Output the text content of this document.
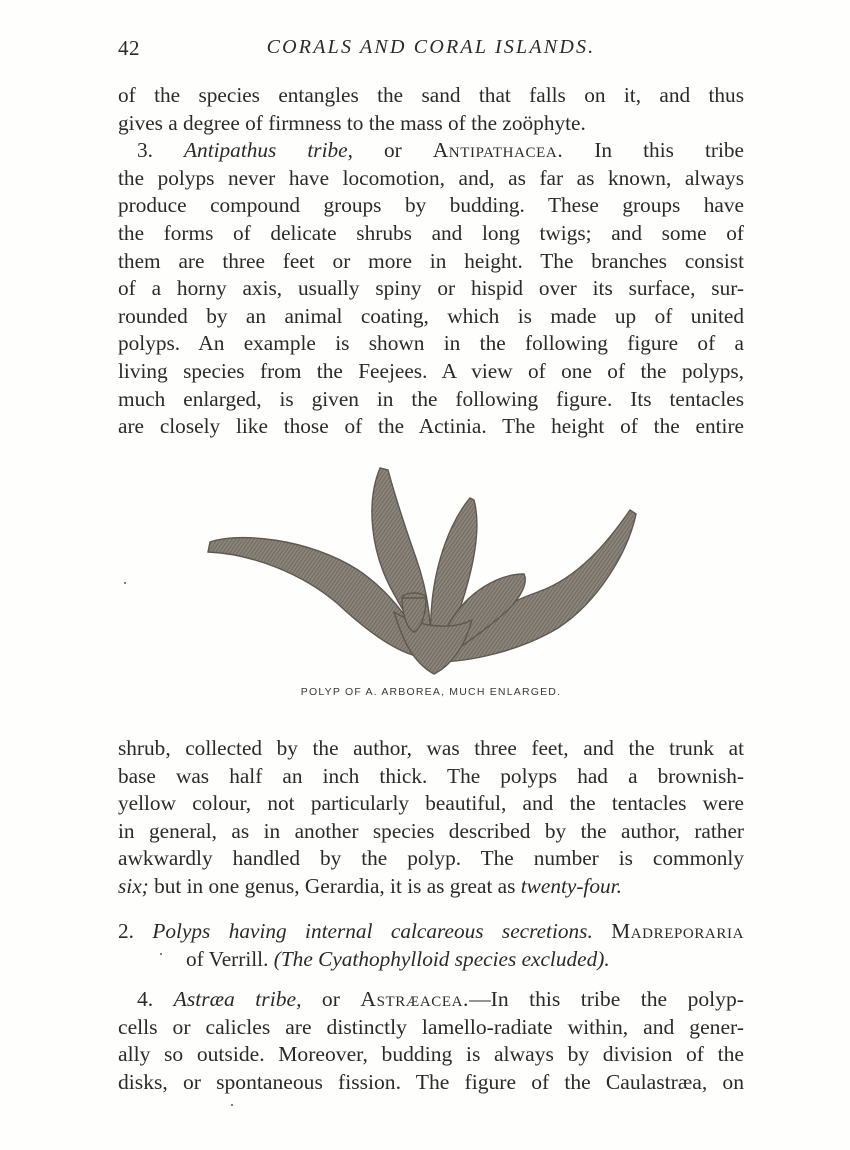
42	CORALS AND CORAL ISLANDS.
of the species entangles the sand that falls on it, and thus
gives a degree of firmness to the mass of the zoöphyte.
3. Antipathus tribe, or Antipathacea. In this tribe
the polyps never have locomotion, and, as far as known, always
produce compound groups by budding. These groups have
the forms of delicate shrubs and long twigs; and some of
them are three feet or more in height. The branches consist
of a horny axis, usually spiny or hispid over its surface, sur-
rounded by an animal coating, which is made up of united
polyps. An example is shown in the following figure of a
living species from the Feejees. A view of one of the polyps,
much enlarged, is given in the following figure. Its tentacles
are closely like those of the Actinia. The height of the entire
POLYP OF A. ARBOREA, MUCH ENLARGED.
shrub, collected by the author, was three feet, and the trunk at
base was half an inch thick. The polyps had a brownish-
yellow colour, not particularly beautiful, and the tentacles were
in general, as in another species described by the author, rather
awkwardly handled by the polyp. The number is commonly
six; but in one genus, Gerardia, it is as great as twenty-four.
2. Polyps having internal calcareous secretions. Madreporaria
of Verrill. (The Cyathophylloid species excluded).
4. Astræa tribe, or Astræacea.—In this tribe the polyp-
cells or calicles are distinctly lamello-radiate within, and gener-
ally so outside. Moreover, budding is always by division of the
disks, or spontaneous fission. The figure of the Caulastræa, on
